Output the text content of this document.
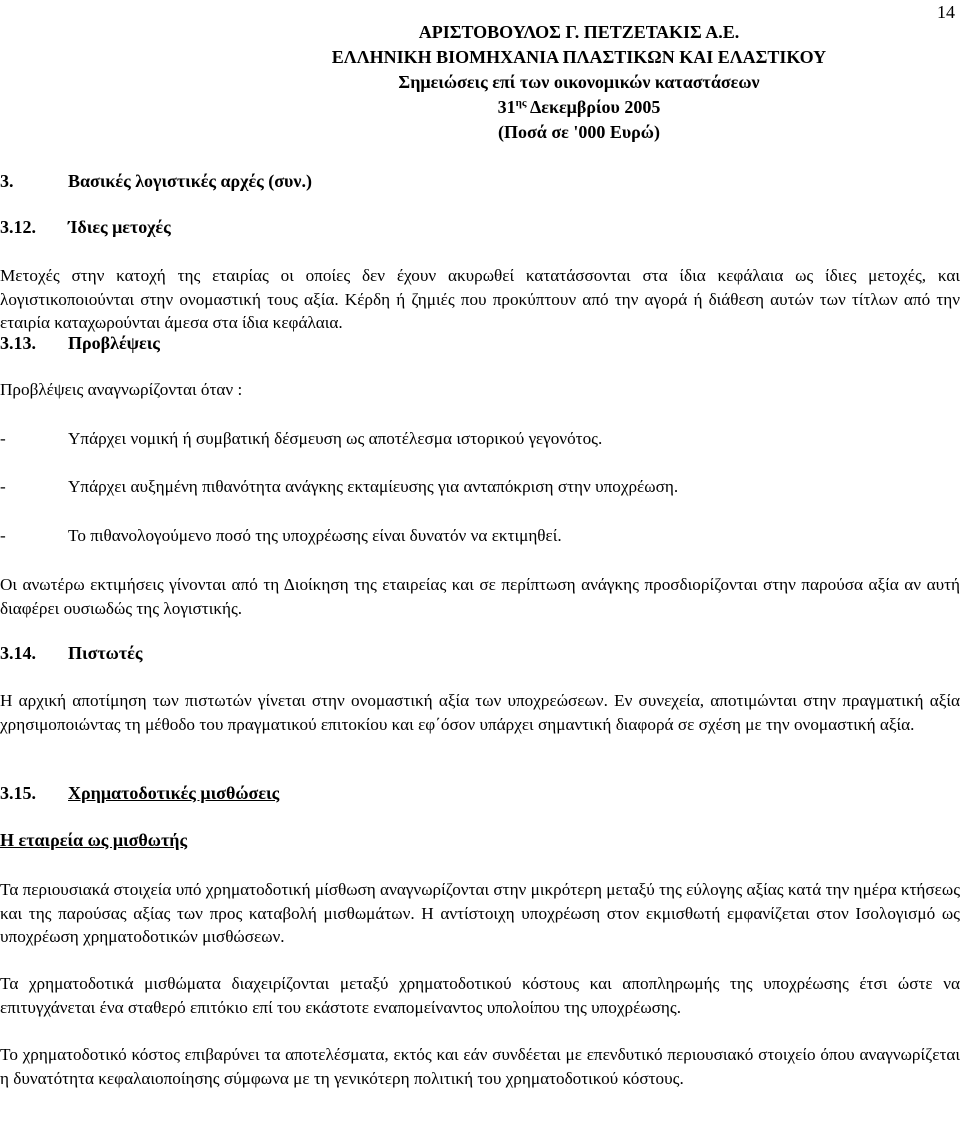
14
ΑΡΙΣΤΟΒΟΥΛΟΣ Γ. ΠΕΤΖΕΤΑΚΙΣ Α.Ε.
ΕΛΛΗΝΙΚΗ ΒΙΟΜΗΧΑΝΙΑ ΠΛΑΣΤΙΚΩΝ ΚΑΙ ΕΛΑΣΤΙΚΟΥ
Σημειώσεις επί των οικονομικών καταστάσεων
$31^{\eta\varsigma}$ Δεκεμβρίου 2005
(Ποσά σε '000 Ευρώ)
3.	Βασικές λογιστικές αρχές (συν.)
3.12. Ίδιες μετοχές
Μετοχές στην κατοχή της εταιρίας οι οποίες δεν έχουν ακυρωθεί κατατάσσονται στα ίδια κεφάλαια ως ίδιες μετοχές, και λογιστικοποιούνται στην ονομαστική τους αξία. Κέρδη ή ζημιές που προκύπτουν από την αγορά ή διάθεση αυτών των τίτλων από την εταιρία καταχωρούνται άμεσα στα ίδια κεφάλαια.
3.13. Προβλέψεις
Προβλέψεις αναγνωρίζονται όταν :
-	Υπάρχει νομική ή συμβατική δέσμευση ως αποτέλεσμα ιστορικού γεγονότος.
-	Υπάρχει αυξημένη πιθανότητα ανάγκης εκταμίευσης για ανταπόκριση στην υποχρέωση.
-	Το πιθανολογούμενο ποσό της υποχρέωσης είναι δυνατόν να εκτιμηθεί.
Οι ανωτέρω εκτιμήσεις γίνονται από τη Διοίκηση της εταιρείας και σε περίπτωση ανάγκης προσδιορίζονται στην παρούσα αξία αν αυτή διαφέρει ουσιωδώς της λογιστικής.
3.14. Πιστωτές
Η αρχική αποτίμηση των πιστωτών γίνεται στην ονομαστική αξία των υποχρεώσεων. Εν συνεχεία, αποτιμώνται στην πραγματική αξία χρησιμοποιώντας τη μέθοδο του πραγματικού επιτοκίου και εφ΄όσον υπάρχει σημαντική διαφορά σε σχέση με την ονομαστική αξία.
3.15. Χρηματοδοτικές μισθώσεις
Η εταιρεία ως μισθωτής
Τα περιουσιακά στοιχεία υπό χρηματοδοτική μίσθωση αναγνωρίζονται στην μικρότερη μεταξύ της εύλογης αξίας κατά την ημέρα κτήσεως και της παρούσας αξίας των προς καταβολή μισθωμάτων. Η αντίστοιχη υποχρέωση στον εκμισθωτή εμφανίζεται στον Ισολογισμό ως υποχρέωση χρηματοδοτικών μισθώσεων.
Τα χρηματοδοτικά μισθώματα διαχειρίζονται μεταξύ χρηματοδοτικού κόστους και αποπληρωμής της υποχρέωσης έτσι ώστε να επιτυγχάνεται ένα σταθερό επιτόκιο επί του εκάστοτε εναπομείναντος υπολοίπου της υποχρέωσης.
Το χρηματοδοτικό κόστος επιβαρύνει τα αποτελέσματα, εκτός και εάν συνδέεται με επενδυτικό περιουσιακό στοιχείο όπου αναγνωρίζεται η δυνατότητα κεφαλαιοποίησης σύμφωνα με τη γενικότερη πολιτική του χρηματοδοτικού κόστους.
